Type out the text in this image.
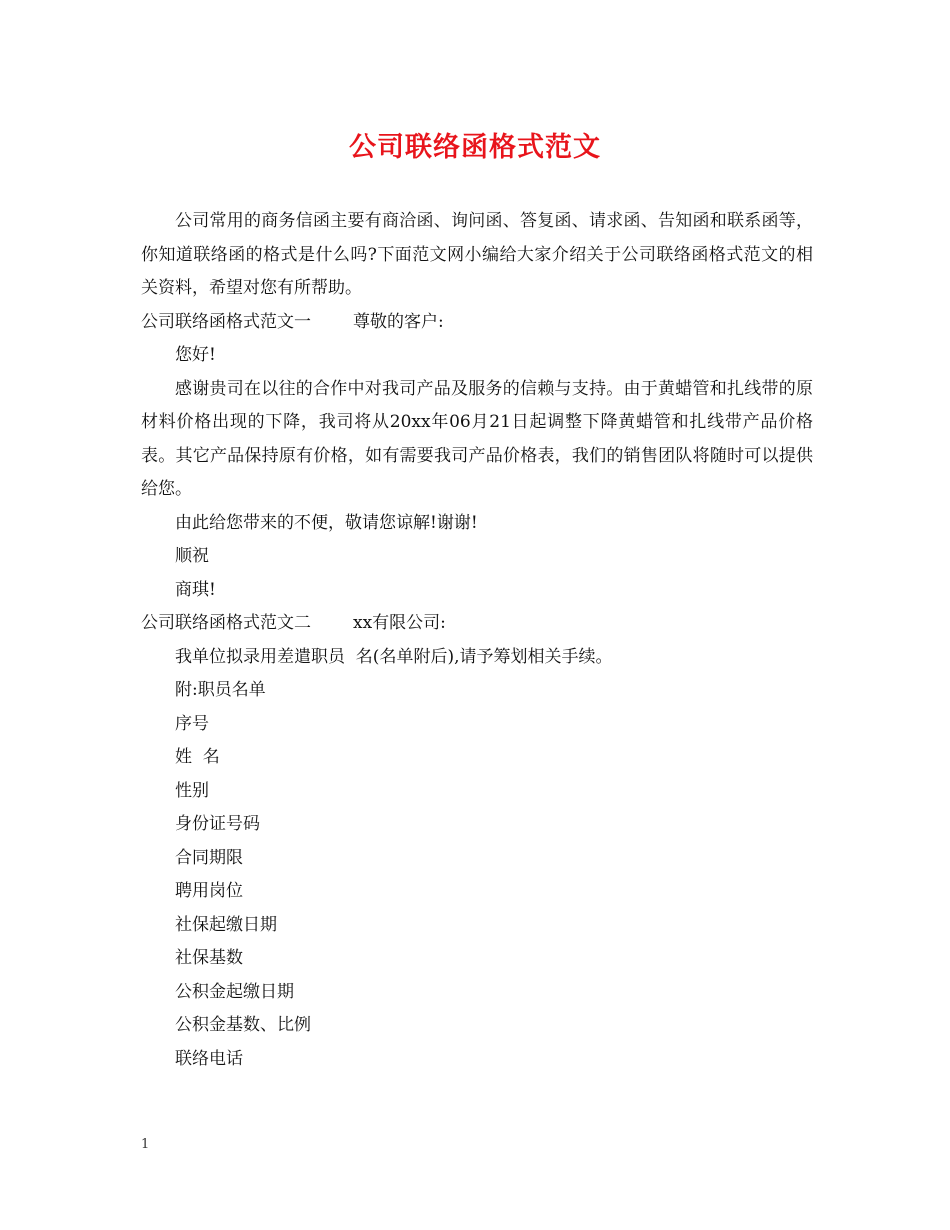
公司联络函格式范文

公司常用的商务信函主要有商洽函、询问函、答复函、请求函、告知函和联系函等，你知道联络函的格式是什么吗?下面范文网小编给大家介绍关于公司联络函格式范文的相关资料，希望对您有所帮助。

公司联络函格式范文一 尊敬的客户:

您好!

感谢贵司在以往的合作中对我司产品及服务的信赖与支持。由于黄蜡管和扎线带的原材料价格出现的下降，我司将从20xx年06月21日起调整下降黄蜡管和扎线带产品价格表。其它产品保持原有价格，如有需要我司产品价格表，我们的销售团队将随时可以提供给您。

由此给您带来的不便，敬请您谅解!谢谢!

顺祝

商琪!

公司联络函格式范文二 xx有限公司:

我单位拟录用差遣职员  名(名单附后),请予筹划相关手续。

附:职员名单

序号

姓  名

性别

身份证号码

合同期限

聘用岗位

社保起缴日期

社保基数

公积金起缴日期

公积金基数、比例

联络电话

1
